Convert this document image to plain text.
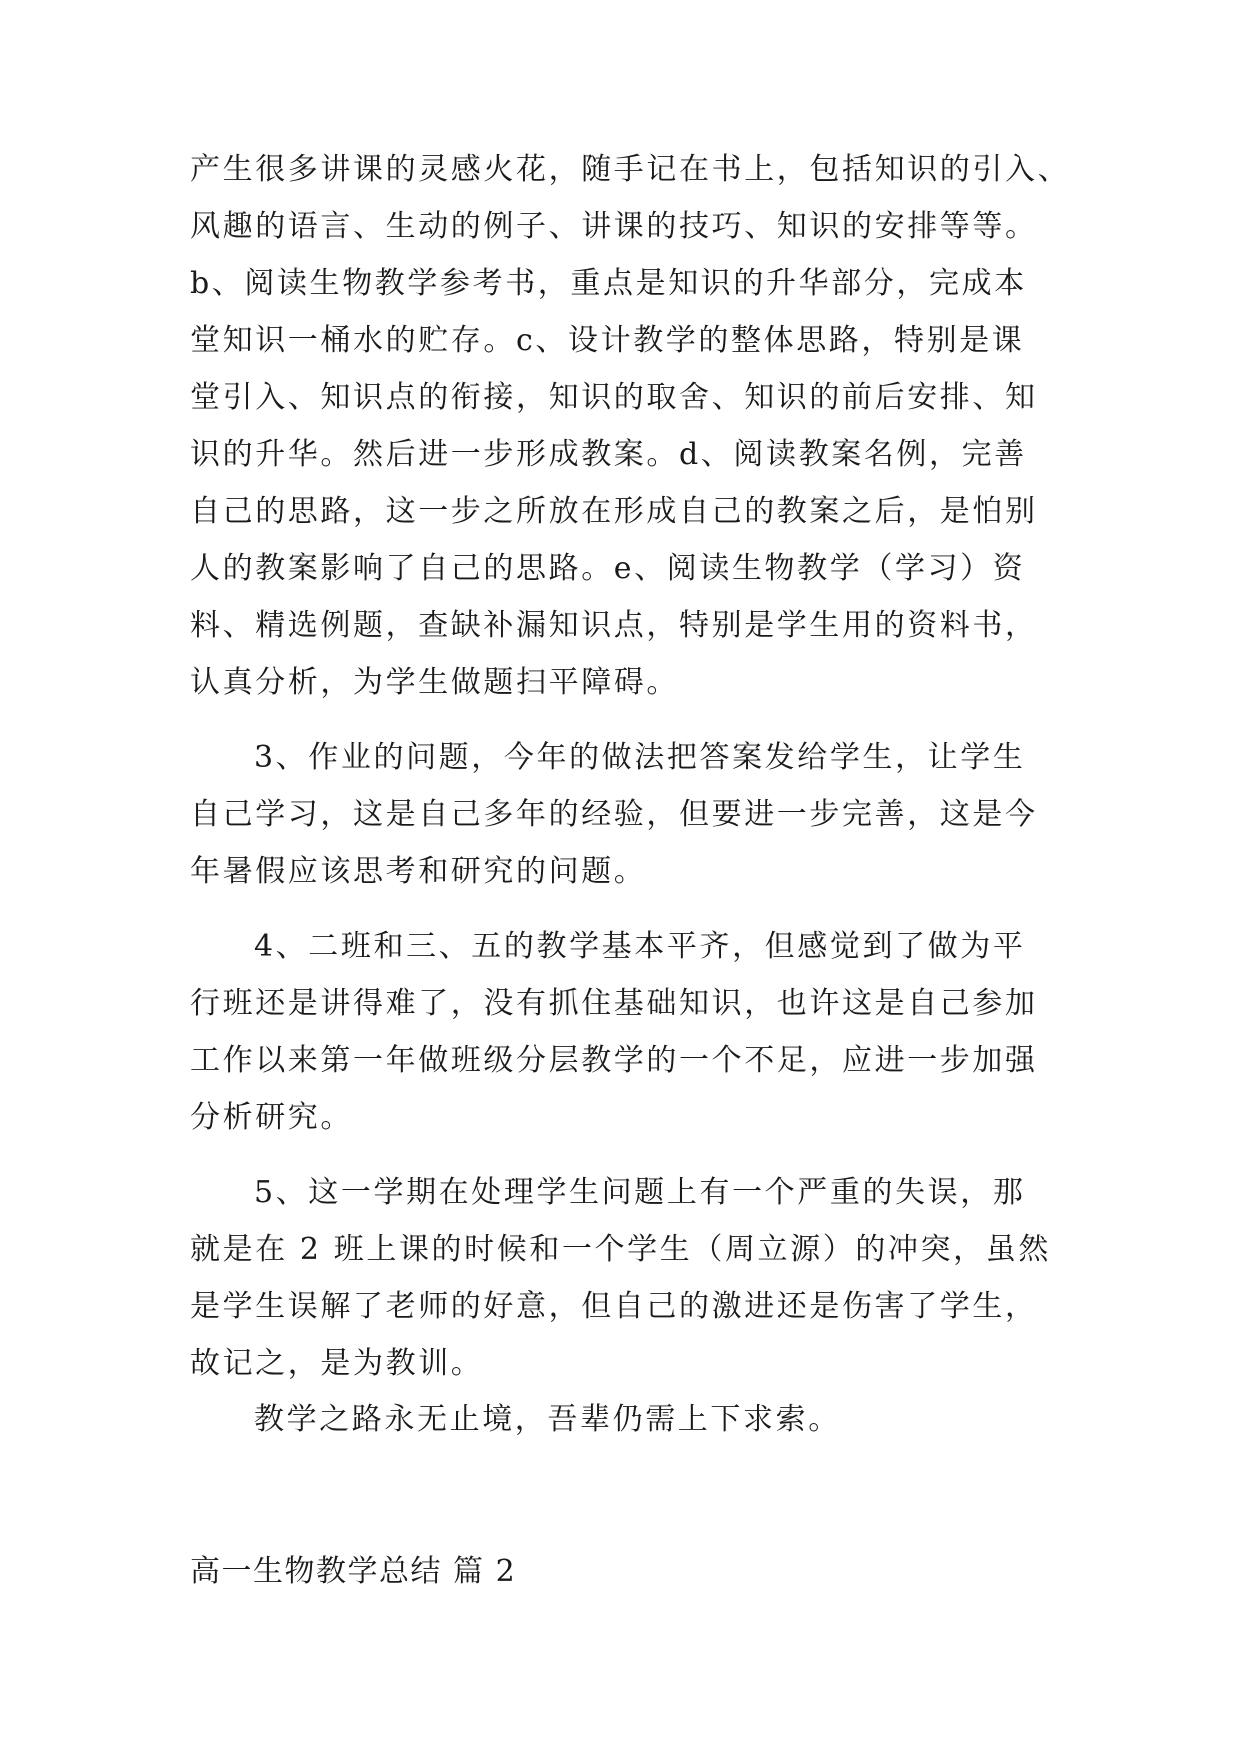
产生很多讲课的灵感火花，随手记在书上，包括知识的引入、
风趣的语言、生动的例子、讲课的技巧、知识的安排等等。
b、阅读生物教学参考书，重点是知识的升华部分，完成本
堂知识一桶水的贮存。c、设计教学的整体思路，特别是课
堂引入、知识点的衔接，知识的取舍、知识的前后安排、知
识的升华。然后进一步形成教案。d、阅读教案名例，完善
自己的思路，这一步之所放在形成自己的教案之后，是怕别
人的教案影响了自己的思路。e、阅读生物教学（学习）资
料、精选例题，查缺补漏知识点，特别是学生用的资料书，
认真分析，为学生做题扫平障碍。
3、作业的问题，今年的做法把答案发给学生，让学生
自己学习，这是自己多年的经验，但要进一步完善，这是今
年暑假应该思考和研究的问题。
4、二班和三、五的教学基本平齐，但感觉到了做为平
行班还是讲得难了，没有抓住基础知识，也许这是自己参加
工作以来第一年做班级分层教学的一个不足，应进一步加强
分析研究。
5、这一学期在处理学生问题上有一个严重的失误，那
就是在 2 班上课的时候和一个学生（周立源）的冲突，虽然
是学生误解了老师的好意，但自己的激进还是伤害了学生，
故记之，是为教训。
教学之路永无止境，吾辈仍需上下求索。
高一生物教学总结 篇 2
